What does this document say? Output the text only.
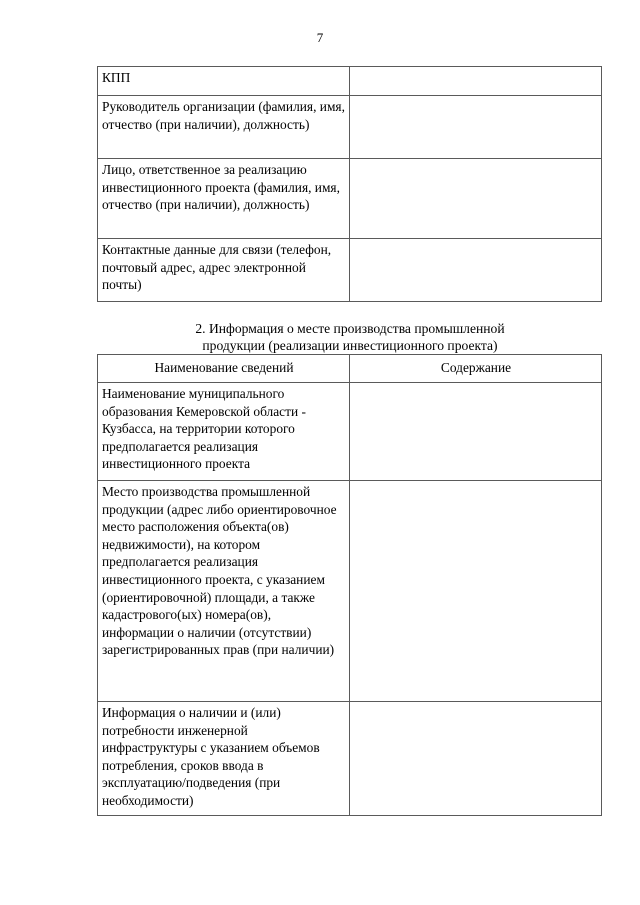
7
КПП	
Руководитель организации (фамилия, имя, отчество (при наличии), должность)	
Лицо, ответственное за реализацию инвестиционного проекта (фамилия, имя, отчество (при наличии), должность)	
Контактные данные для связи (телефон, почтовый адрес, адрес электронной почты)	
2. Информация о месте производства промышленной
продукции (реализации инвестиционного проекта)
Наименование сведений	Содержание
Наименование муниципального образования Кемеровской области - Кузбасса, на территории которого предполагается реализация инвестиционного проекта	
Место производства промышленной продукции (адрес либо ориентировочное место расположения объекта(ов) недвижимости), на котором предполагается реализация инвестиционного проекта, с указанием (ориентировочной) площади, а также кадастрового(ых) номера(ов), информации о наличии (отсутствии) зарегистрированных прав (при наличии)	
Информация о наличии и (или) потребности инженерной инфраструктуры с указанием объемов потребления, сроков ввода в эксплуатацию/подведения (при необходимости)	
